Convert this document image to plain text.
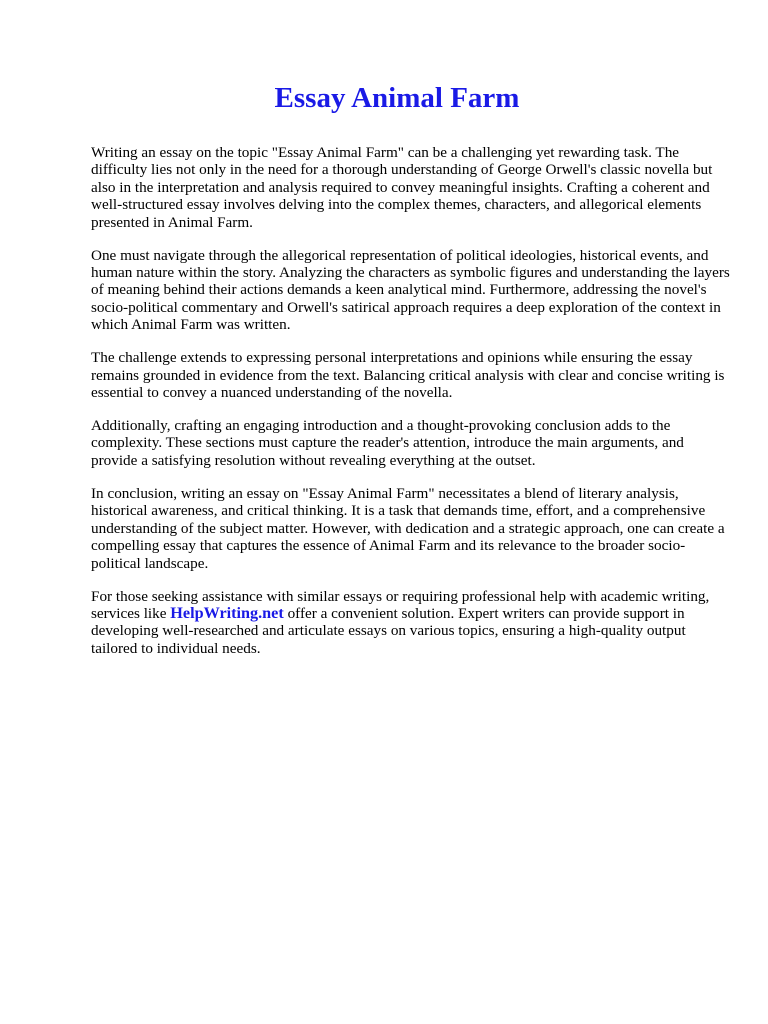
Essay Animal Farm

Writing an essay on the topic "Essay Animal Farm" can be a challenging yet rewarding task. The difficulty lies not only in the need for a thorough understanding of George Orwell's classic novella but also in the interpretation and analysis required to convey meaningful insights. Crafting a coherent and well-structured essay involves delving into the complex themes, characters, and allegorical elements presented in Animal Farm.

One must navigate through the allegorical representation of political ideologies, historical events, and human nature within the story. Analyzing the characters as symbolic figures and understanding the layers of meaning behind their actions demands a keen analytical mind. Furthermore, addressing the novel's socio-political commentary and Orwell's satirical approach requires a deep exploration of the context in which Animal Farm was written.

The challenge extends to expressing personal interpretations and opinions while ensuring the essay remains grounded in evidence from the text. Balancing critical analysis with clear and concise writing is essential to convey a nuanced understanding of the novella.

Additionally, crafting an engaging introduction and a thought-provoking conclusion adds to the complexity. These sections must capture the reader's attention, introduce the main arguments, and provide a satisfying resolution without revealing everything at the outset.

In conclusion, writing an essay on "Essay Animal Farm" necessitates a blend of literary analysis, historical awareness, and critical thinking. It is a task that demands time, effort, and a comprehensive understanding of the subject matter. However, with dedication and a strategic approach, one can create a compelling essay that captures the essence of Animal Farm and its relevance to the broader socio-political landscape.

For those seeking assistance with similar essays or requiring professional help with academic writing, services like HelpWriting.net offer a convenient solution. Expert writers can provide support in developing well-researched and articulate essays on various topics, ensuring a high-quality output tailored to individual needs.
